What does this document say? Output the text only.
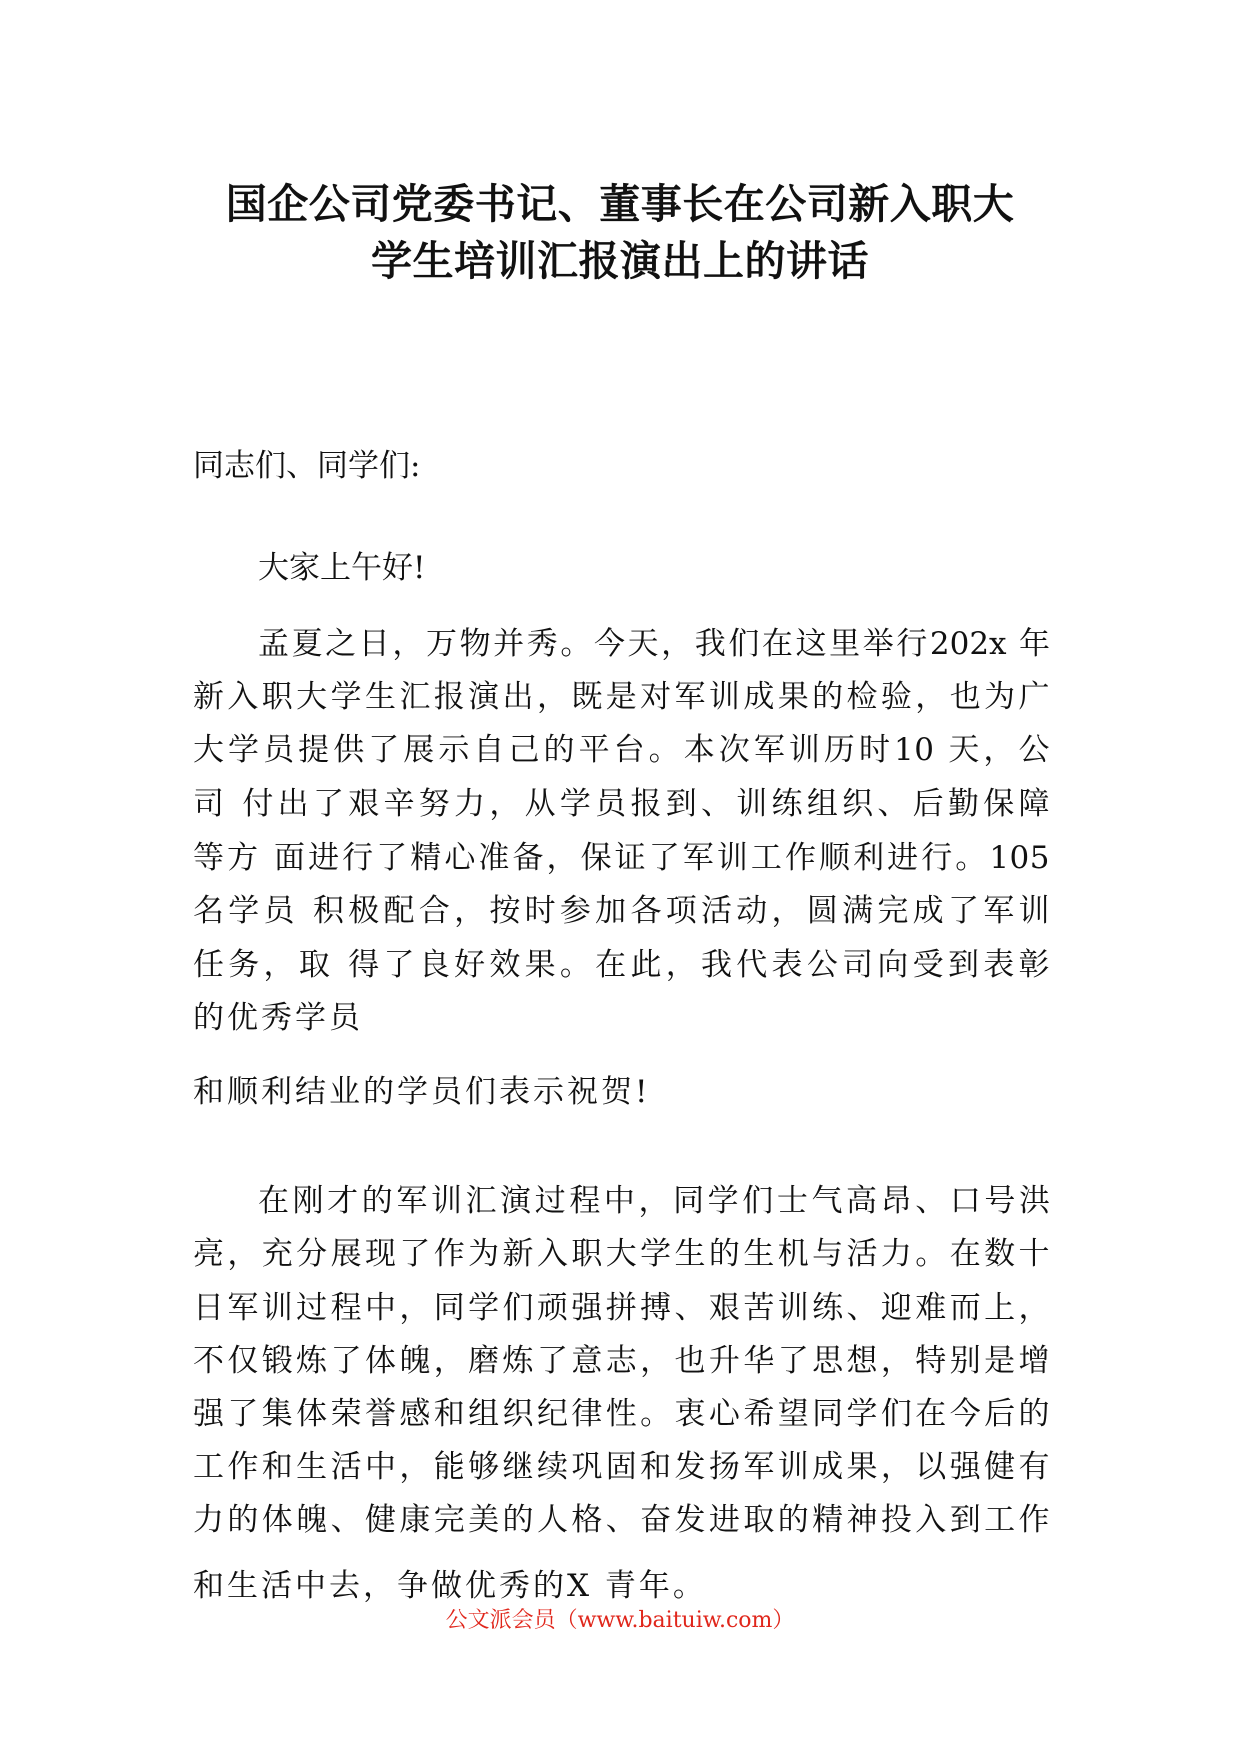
国企公司党委书记、董事长在公司新入职大
学生培训汇报演出上的讲话

同志们、同学们:

大家上午好!

孟夏之日，万物并秀。今天，我们在这里举行202x 年

新入职大学生汇报演出，既是对军训成果的检验，也为广

大学员提供了展示自己的平台。本次军训历时10 天，公

司 付出了艰辛努力，从学员报到、训练组织、后勤保障

等方 面进行了精心准备，保证了军训工作顺利进行。105

名学员 积极配合，按时参加各项活动，圆满完成了军训

任务，取 得了良好效果。在此，我代表公司向受到表彰

的优秀学员

和顺利结业的学员们表示祝贺!

在刚才的军训汇演过程中，同学们士气高昂、口号洪

亮，充分展现了作为新入职大学生的生机与活力。在数十

日军训过程中，同学们顽强拼搏、艰苦训练、迎难而上，

不仅锻炼了体魄，磨炼了意志，也升华了思想，特别是增

强了集体荣誉感和组织纪律性。衷心希望同学们在今后的

工作和生活中，能够继续巩固和发扬军训成果，以强健有

力的体魄、健康完美的人格、奋发进取的精神投入到工作

和生活中去，争做优秀的X 青年。

公文派会员（www.baituiw.com）
